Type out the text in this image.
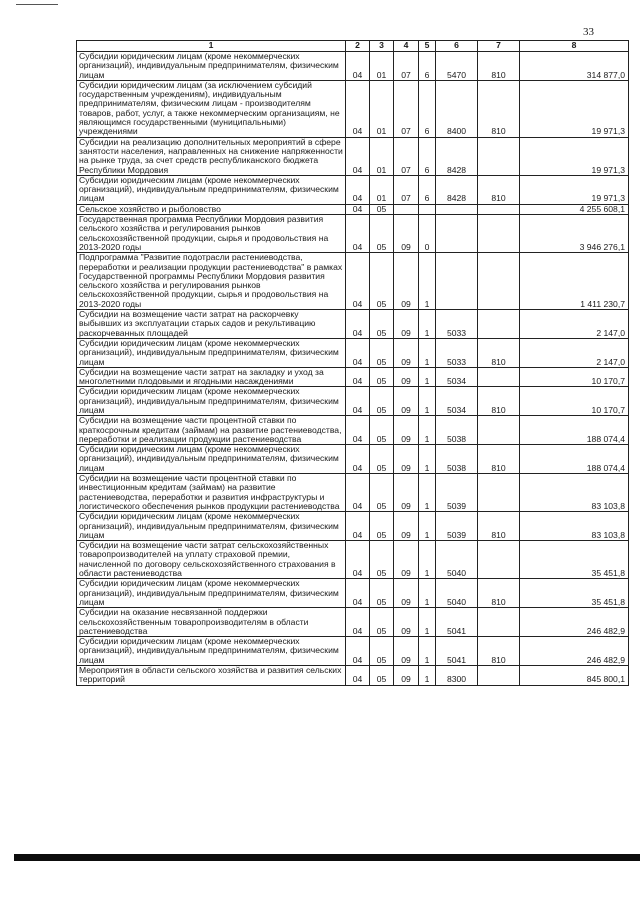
33
1	2	3	4	5	6	7	8
Субсидии юридическим лицам (кроме некоммерческих организаций), индивидуальным предпринимателям, физическим лицам	04	01	07	6	5470	810	314 877,0
Субсидии юридическим лицам (за исключением субсидий государственным учреждениям), индивидуальным предпринимателям, физическим лицам - производителям товаров, работ, услуг, а также некоммерческим организациям, не являющимся государственными (муниципальными) учреждениями	04	01	07	6	8400	810	19 971,3
Субсидии на реализацию дополнительных мероприятий в сфере занятости населения, направленных на снижение напряженности на рынке труда, за счет средств республиканского бюджета Республики Мордовия	04	01	07	6	8428		19 971,3
Субсидии юридическим лицам (кроме некоммерческих организаций), индивидуальным предпринимателям, физическим лицам	04	01	07	6	8428	810	19 971,3
Сельское хозяйство и рыболовство	04	05					4 255 608,1
Государственная программа Республики Мордовия развития сельского хозяйства и регулирования рынков сельскохозяйственной продукции, сырья и продовольствия на 2013-2020 годы	04	05	09	0			3 946 276,1
Подпрограмма "Развитие подотрасли растениеводства, переработки и реализации продукции растениеводства" в рамках Государственной программы Республики Мордовия развития сельского хозяйства и регулирования рынков сельскохозяйственной продукции, сырья и продовольствия на 2013-2020 годы	04	05	09	1			1 411 230,7
Субсидии на возмещение части затрат на раскорчевку выбывших из эксплуатации старых садов и рекультивацию раскорчеванных площадей	04	05	09	1	5033		2 147,0
Субсидии юридическим лицам (кроме некоммерческих организаций), индивидуальным предпринимателям, физическим лицам	04	05	09	1	5033	810	2 147,0
Субсидии на возмещение части затрат на закладку и уход за многолетними плодовыми и ягодными насаждениями	04	05	09	1	5034		10 170,7
Субсидии юридическим лицам (кроме некоммерческих организаций), индивидуальным предпринимателям, физическим лицам	04	05	09	1	5034	810	10 170,7
Субсидии на возмещение части процентной ставки по краткосрочным кредитам (займам) на развитие растениеводства, переработки и реализации продукции растениеводства	04	05	09	1	5038		188 074,4
Субсидии юридическим лицам (кроме некоммерческих организаций), индивидуальным предпринимателям, физическим лицам	04	05	09	1	5038	810	188 074,4
Субсидии на возмещение части процентной ставки по инвестиционным кредитам (займам) на развитие растениеводства, переработки и развития инфраструктуры и логистического обеспечения рынков продукции растениеводства	04	05	09	1	5039		83 103,8
Субсидии юридическим лицам (кроме некоммерческих организаций), индивидуальным предпринимателям, физическим лицам	04	05	09	1	5039	810	83 103,8
Субсидии на возмещение части затрат сельскохозяйственных товаропроизводителей на уплату страховой премии, начисленной по договору сельскохозяйственного страхования в области растениеводства	04	05	09	1	5040		35 451,8
Субсидии юридическим лицам (кроме некоммерческих организаций), индивидуальным предпринимателям, физическим лицам	04	05	09	1	5040	810	35 451,8
Субсидии на оказание несвязанной поддержки сельскохозяйственным товаропроизводителям в области растениеводства	04	05	09	1	5041		246 482,9
Субсидии юридическим лицам (кроме некоммерческих организаций), индивидуальным предпринимателям, физическим лицам	04	05	09	1	5041	810	246 482,9
Мероприятия в области сельского хозяйства и развития сельских территорий	04	05	09	1	8300		845 800,1
